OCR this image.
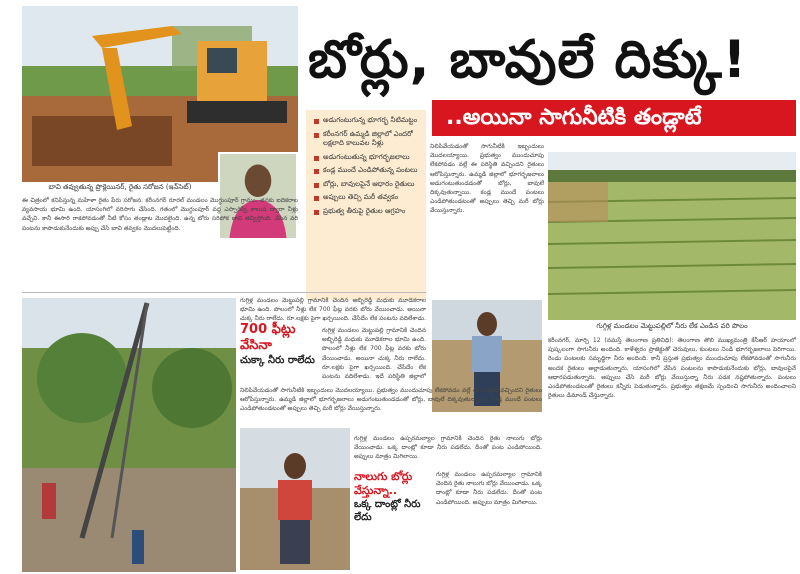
బావి తవ్వుతున్న ప్రొక్లెయినర్, రైతు సరోజన (ఇన్‌సెట్)
బోర్లు, బావులే దిక్కు!
..అయినా సాగునీటికి తండ్లాటే
అడుగంటుగున్న భూగర్భ నీటిమట్టం
కరీంనగర్ ఉమ్మడి జిల్లాలో ఎందరో లక్షలాది కాలువల నీళ్లు
అడుగంటుతున్న భూగర్భజలాలు
కండ్ల ముందే ఎండిపోతున్న పంటలు
బోర్లు, బావులపైనే ఆధారం రైతులు
అప్పులు తెచ్చి మరీ తవ్వకం
ప్రభుత్వ తీరుపై రైతుల ఆగ్రహం
నిలిపివేయడంతో సాగునీటికి ఇబ్బందులు మొదలయ్యాయి. ప్రభుత్వం ముందుచూపు లేకపోవడం వల్లే ఈ పరిస్థితి వచ్చిందని రైతులు ఆరోపిస్తున్నారు. ఉమ్మడి జిల్లాలో భూగర్భజలాలు అడుగంటుతుండడంతో బోర్లు, బావులే దిక్కవుతున్నాయి. కండ్ల ముందే పంటలు ఎండిపోతుండటంతో అప్పులు తెచ్చి మరీ బోర్లు వేయిస్తున్నారు.
గుగ్గిళ్ల మండలం మెట్టుపల్లిలో నీరు లేక ఎండిన వరి పొలం
ఈ చిత్రంలో కనిపిస్తున్న మహిళా రైతు పేరు సరోజన. కరీంనగర్ రూరల్ మండలం మొగ్ధుంపూర్ గ్రామం. తనకు ఐదెకరాల వ్యవసాయ భూమి ఉంది. యాసంగిలో వరిసాగు చేసింది. గతంలో మొగ్ధుంపూర్ వద్ద ఎస్సారెస్పీ కాలువ ద్వారా నీళ్లు వచ్చేవి. కానీ ఈసారి రాకపోవడంతో నీటి కోసం తండ్లాట మొదలైంది. ఉన్న బోరు సరిపోక బావి తవ్విస్తోంది. వేసిన వరి పంటను కాపాడుకునేందుకు అప్పు చేసి బావి తవ్వకం మొదలుపెట్టింది.
గుగ్గిళ్ల మండలం మెట్టుపల్లి గ్రామానికి చెందిన అబ్బిరెడ్డి మధుకు మూడెకరాల భూమి ఉంది. పొలంలో నీళ్లు లేక 700 ఫీట్ల వరకు బోరు వేయించాడు. అయినా చుక్క నీరు రాలేదు. రూ.లక్షకు పైగా ఖర్చయింది. చేసేదేం లేక పంటను వదిలేశాడు.
700 ఫీట్లు వేసినా
చుక్కా నీరు రాలేదు
గుగ్గిళ్ల మండలం మెట్టుపల్లి గ్రామానికి చెందిన అబ్బిరెడ్డి మధుకు మూడెకరాల భూమి ఉంది. పొలంలో నీళ్లు లేక 700 ఫీట్ల వరకు బోరు వేయించాడు. అయినా చుక్క నీరు రాలేదు. రూ.లక్షకు పైగా ఖర్చయింది. చేసేదేం లేక పంటను వదిలేశాడు. ఇదే పరిస్థితి జిల్లాలో
నిలిపివేయడంతో సాగునీటికి ఇబ్బందులు మొదలయ్యాయి. ప్రభుత్వం ముందుచూపు లేకపోవడం వల్లే ఈ పరిస్థితి వచ్చిందని రైతులు ఆరోపిస్తున్నారు. ఉమ్మడి జిల్లాలో భూగర్భజలాలు అడుగంటుతుండడంతో బోర్లు, బావులే దిక్కవుతున్నాయి. కండ్ల ముందే పంటలు ఎండిపోతుండటంతో అప్పులు తెచ్చి మరీ బోర్లు వేయిస్తున్నారు.
నాలుగు బోర్లు వేస్తున్నా..
ఒక్క దాంట్లో నీరు లేదు
గుగ్గిళ్ల మండలం ఉప్పరమల్యాల గ్రామానికి చెందిన రైతు నాలుగు బోర్లు వేయించాడు. ఒక్క దాంట్లో కూడా నీరు పడలేదు. దీంతో పంట ఎండిపోయింది. అప్పులు మాత్రం మిగిలాయి.
గుగ్గిళ్ల మండలం ఉప్పరమల్యాల గ్రామానికి చెందిన రైతు నాలుగు బోర్లు వేయించాడు. ఒక్క దాంట్లో కూడా నీరు పడలేదు. దీంతో పంట ఎండిపోయింది. అప్పులు మాత్రం మిగిలాయి.
కరీంనగర్, మార్చి 12 (నమస్తే తెలంగాణ ప్రతినిధి): తెలంగాణ తొలి ముఖ్యమంత్రి కేసీఆర్ హయాంలో పుష్కలంగా సాగునీరు అందింది. కాళేశ్వరం ప్రాజెక్టుతో చెరువులు, కుంటలు నిండి భూగర్భజలాలు పెరిగాయి. రెండు పంటలకు సమృద్ధిగా నీరు అందింది. కానీ ప్రస్తుత ప్రభుత్వం ముందుచూపు లేకపోవడంతో సాగునీరు అందక రైతులు అల్లాడుతున్నారు. యాసంగిలో వేసిన పంటలను కాపాడుకునేందుకు బోర్లు, బావులపైనే ఆధారపడుతున్నారు. అప్పులు చేసి మరీ బోర్లు వేయిస్తున్నా నీరు పడక నష్టపోతున్నారు. పంటలు ఎండిపోతుండటంతో రైతులు కన్నీరు పెడుతున్నారు. ప్రభుత్వం తక్షణమే స్పందించి సాగునీరు అందించాలని రైతులు డిమాండ్ చేస్తున్నారు.
